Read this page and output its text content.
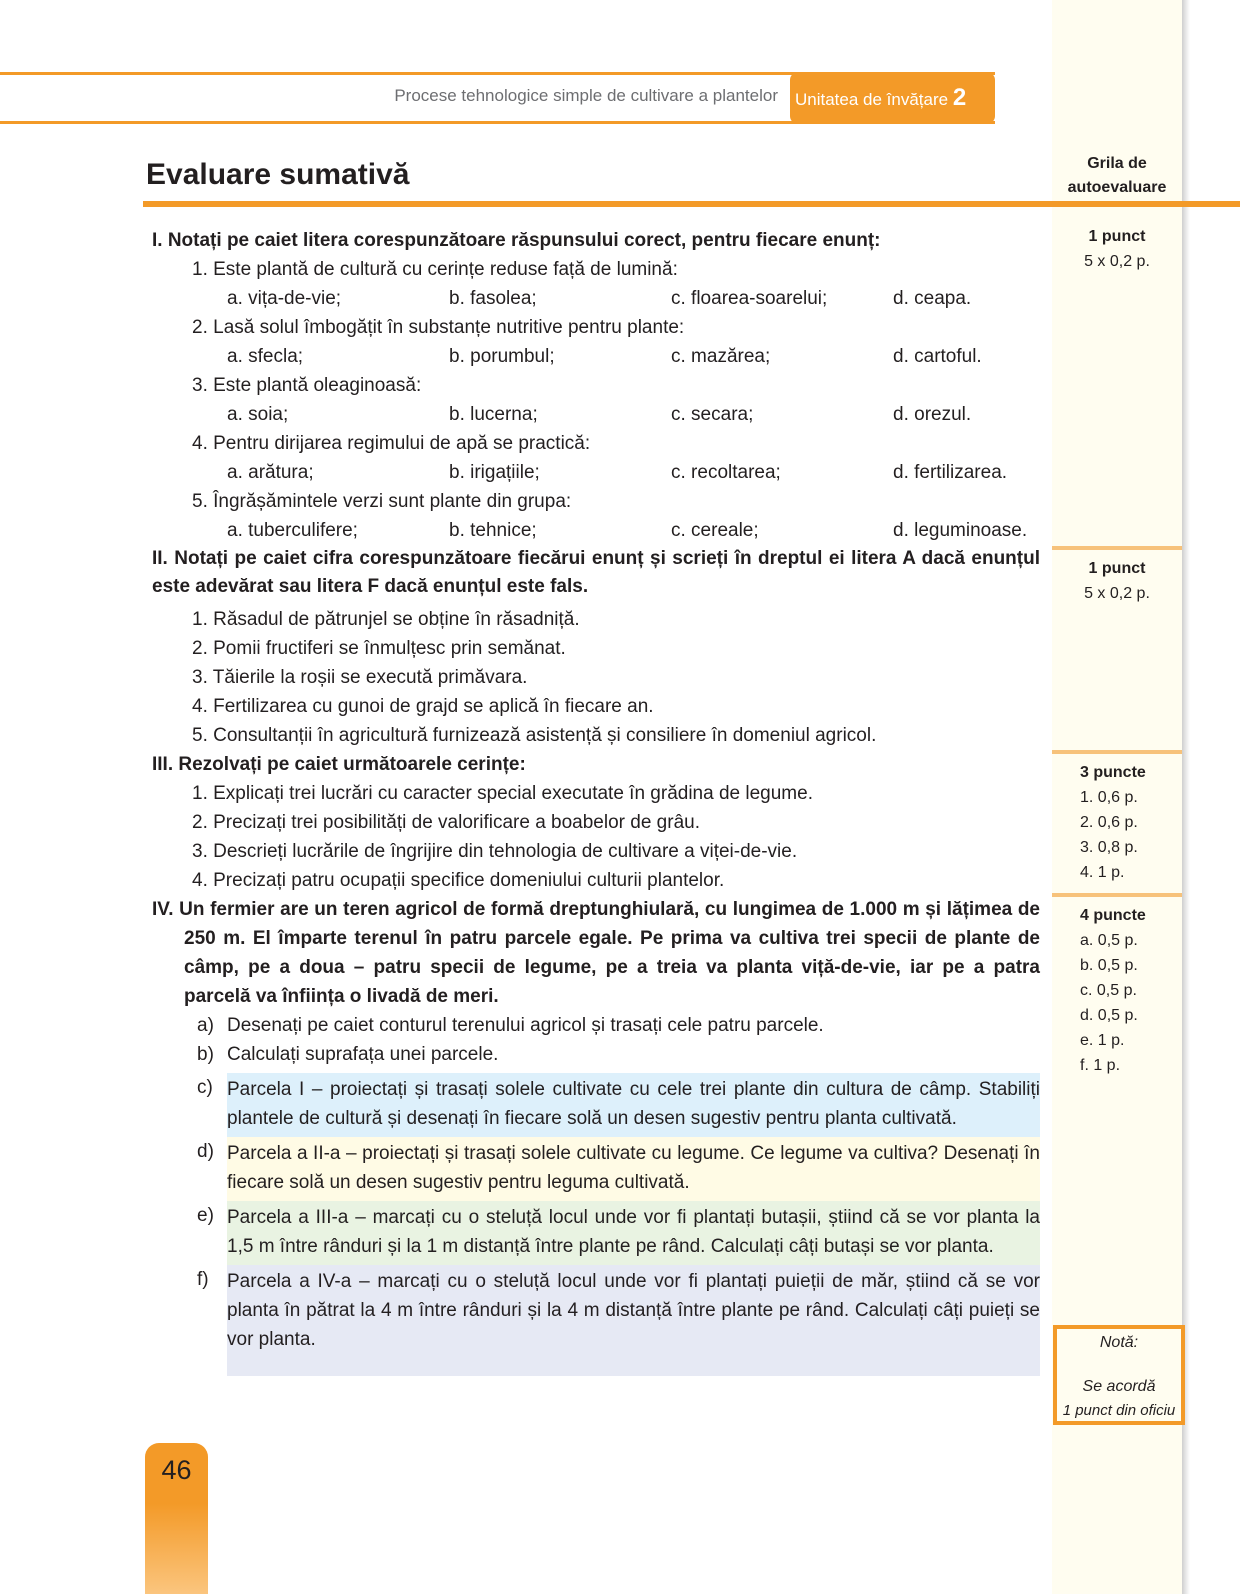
Procese tehnologice simple de cultivare a plantelor Unitatea de învățare 2
Evaluare sumativă	Grila de
autoevaluare
I. Notați pe caiet litera corespunzătoare răspunsului corect, pentru fiecare enunț:
1. Este plantă de cultură cu cerințe reduse față de lumină:
a. vița-de-vie;	b. fasolea;	c. floarea-soarelui;	d. ceapa.
2. Lasă solul îmbogățit în substanțe nutritive pentru plante:
a. sfecla;	b. porumbul;	c. mazărea;	d. cartoful.
3. Este plantă oleaginoasă:
a. soia;	b. lucerna;	c. secara;	d. orezul.
4. Pentru dirijarea regimului de apă se practică:
a. arătura;	b. irigațiile;	c. recoltarea;	d. fertilizarea.
5. Îngrășămintele verzi sunt plante din grupa:
a. tuberculifere;	b. tehnice;	c. cereale;	d. leguminoase.
II. Notați pe caiet cifra corespunzătoare fiecărui enunț și scrieți în dreptul ei litera A dacă enunțul este adevărat sau litera F dacă enunțul este fals.
1. Răsadul de pătrunjel se obține în răsadniță.
2. Pomii fructiferi se înmulțesc prin semănat.
3. Tăierile la roșii se execută primăvara.
4. Fertilizarea cu gunoi de grajd se aplică în fiecare an.
5. Consultanții în agricultură furnizează asistență și consiliere în domeniul agricol.
III. Rezolvați pe caiet următoarele cerințe:
1. Explicați trei lucrări cu caracter special executate în grădina de legume.
2. Precizați trei posibilități de valorificare a boabelor de grâu.
3. Descrieți lucrările de îngrijire din tehnologia de cultivare a viței-de-vie.
4. Precizați patru ocupații specifice domeniului culturii plantelor.
IV. Un fermier are un teren agricol de formă dreptunghiulară, cu lungimea de 1.000 m și lățimea de 250 m. El împarte terenul în patru parcele egale. Pe prima va cultiva trei specii de plante de câmp, pe a doua – patru specii de legume, pe a treia va planta viță-de-vie, iar pe a patra parcelă va înființa o livadă de meri.
a) Desenați pe caiet conturul terenului agricol și trasați cele patru parcele.
b) Calculați suprafața unei parcele.
c) Parcela I – proiectați și trasați solele cultivate cu cele trei plante din cultura de câmp. Stabiliți plantele de cultură și desenați în fiecare solă un desen sugestiv pentru planta cultivată.
d) Parcela a II-a – proiectați și trasați solele cultivate cu legume. Ce legume va cultiva? Desenați în fiecare solă un desen sugestiv pentru leguma cultivată.
e) Parcela a III-a – marcați cu o steluță locul unde vor fi plantați butașii, știind că se vor planta la 1,5 m între rânduri și la 1 m distanță între plante pe rând. Calculați câți butași se vor planta.
f) Parcela a IV-a – marcați cu o steluță locul unde vor fi plantați puieții de măr, știind că se vor planta în pătrat la 4 m între rânduri și la 4 m distanță între plante pe rând. Calculați câți puieți se vor planta.
1 punct
5 x 0,2 p.
1 punct
5 x 0,2 p.
3 puncte
1. 0,6 p.
2. 0,6 p.
3. 0,8 p.
4. 1 p.
4 puncte
a. 0,5 p.
b. 0,5 p.
c. 0,5 p.
d. 0,5 p.
e. 1 p.
f. 1 p.
Notă:
Se acordă
1 punct din oficiu
46
